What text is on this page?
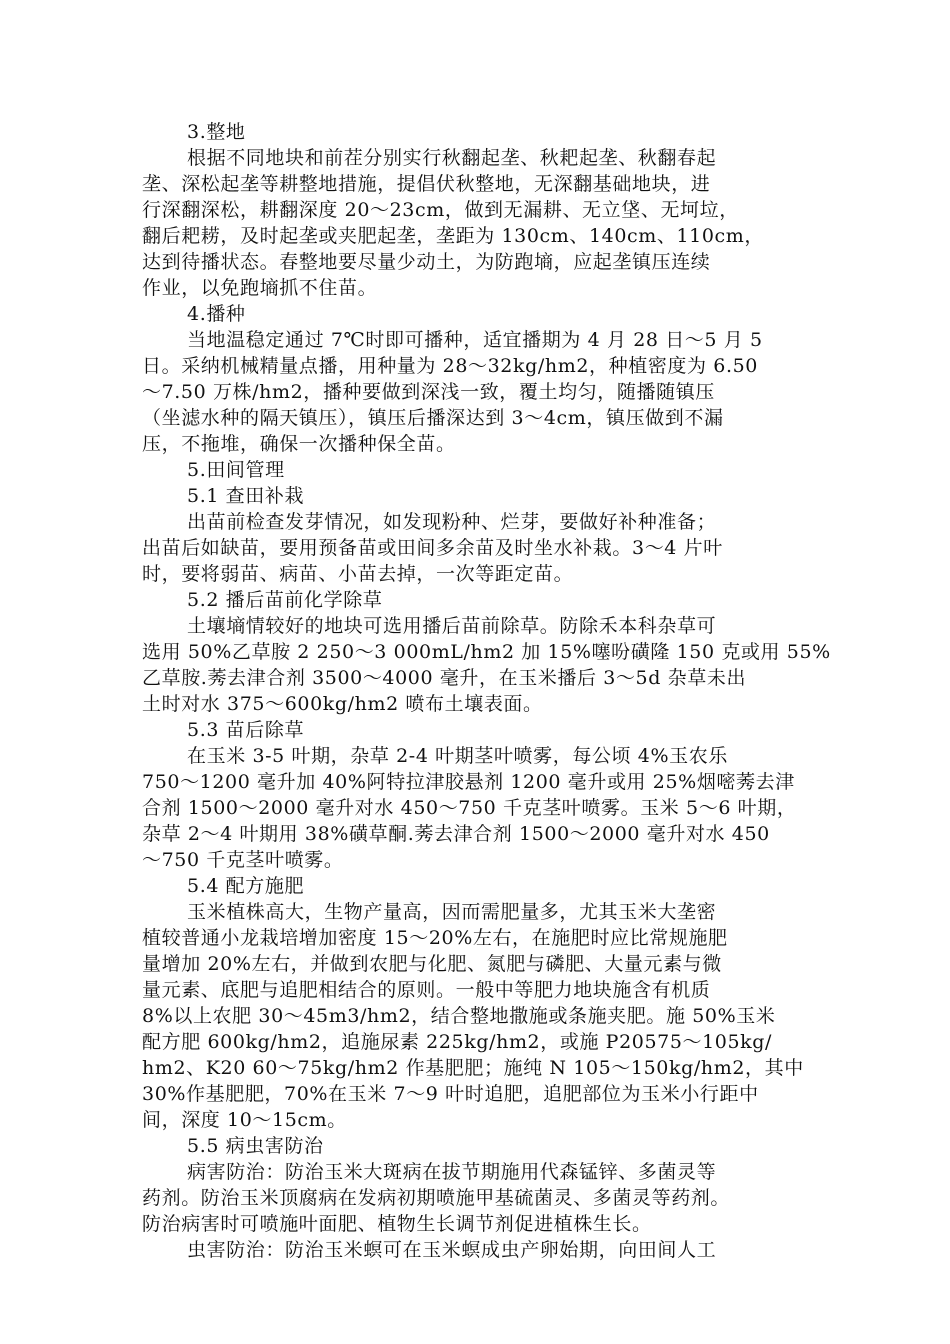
3.整地
根据不同地块和前茬分别实行秋翻起垄、秋耙起垄、秋翻春起
垄、深松起垄等耕整地措施，提倡伏秋整地，无深翻基础地块，进
行深翻深松，耕翻深度 20～23cm，做到无漏耕、无立垡、无坷垃，
翻后耙耢，及时起垄或夹肥起垄，垄距为 130cm、140cm、110cm，
达到待播状态。春整地要尽量少动土，为防跑墒，应起垄镇压连续
作业，以免跑墒抓不住苗。
4.播种
当地温稳定通过 7℃时即可播种，适宜播期为 4 月 28 日～5 月 5
日。采纳机械精量点播，用种量为 28～32kg/hm2，种植密度为 6.50
～7.50 万株/hm2，播种要做到深浅一致，覆土均匀，随播随镇压
（坐滤水种的隔天镇压），镇压后播深达到 3～4cm，镇压做到不漏
压，不拖堆，确保一次播种保全苗。
5.田间管理
5.1 查田补栽
出苗前检查发芽情况，如发现粉种、烂芽，要做好补种准备；
出苗后如缺苗，要用预备苗或田间多余苗及时坐水补栽。3～4 片叶
时，要将弱苗、病苗、小苗去掉，一次等距定苗。
5.2 播后苗前化学除草
土壤墒情较好的地块可选用播后苗前除草。防除禾本科杂草可
选用 50%乙草胺 2 250～3 000mL/hm2 加 15%噻吩磺隆 150 克或用 55%
乙草胺.莠去津合剂 3500～4000 毫升，在玉米播后 3～5d 杂草未出
土时对水 375～600kg/hm2 喷布土壤表面。
5.3 苗后除草
在玉米 3-5 叶期，杂草 2-4 叶期茎叶喷雾，每公顷 4%玉农乐
750～1200 毫升加 40%阿特拉津胶悬剂 1200 毫升或用 25%烟嘧莠去津
合剂 1500～2000 毫升对水 450～750 千克茎叶喷雾。玉米 5～6 叶期，
杂草 2～4 叶期用 38%磺草酮.莠去津合剂 1500～2000 毫升对水 450
～750 千克茎叶喷雾。
5.4 配方施肥
玉米植株高大，生物产量高，因而需肥量多，尤其玉米大垄密
植较普通小龙栽培增加密度 15～20%左右，在施肥时应比常规施肥
量增加 20%左右，并做到农肥与化肥、氮肥与磷肥、大量元素与微
量元素、底肥与追肥相结合的原则。一般中等肥力地块施含有机质
8%以上农肥 30～45m3/hm2，结合整地撒施或条施夹肥。施 50%玉米
配方肥 600kg/hm2，追施尿素 225kg/hm2，或施 P20575～105kg/
hm2、K20 60～75kg/hm2 作基肥肥；施纯 N 105～150kg/hm2，其中
30%作基肥肥，70%在玉米 7～9 叶时追肥，追肥部位为玉米小行距中
间，深度 10～15cm。
5.5 病虫害防治
病害防治：防治玉米大斑病在拔节期施用代森锰锌、多菌灵等
药剂。防治玉米顶腐病在发病初期喷施甲基硫菌灵、多菌灵等药剂。
防治病害时可喷施叶面肥、植物生长调节剂促进植株生长。
虫害防治：防治玉米螟可在玉米螟成虫产卵始期，向田间人工
